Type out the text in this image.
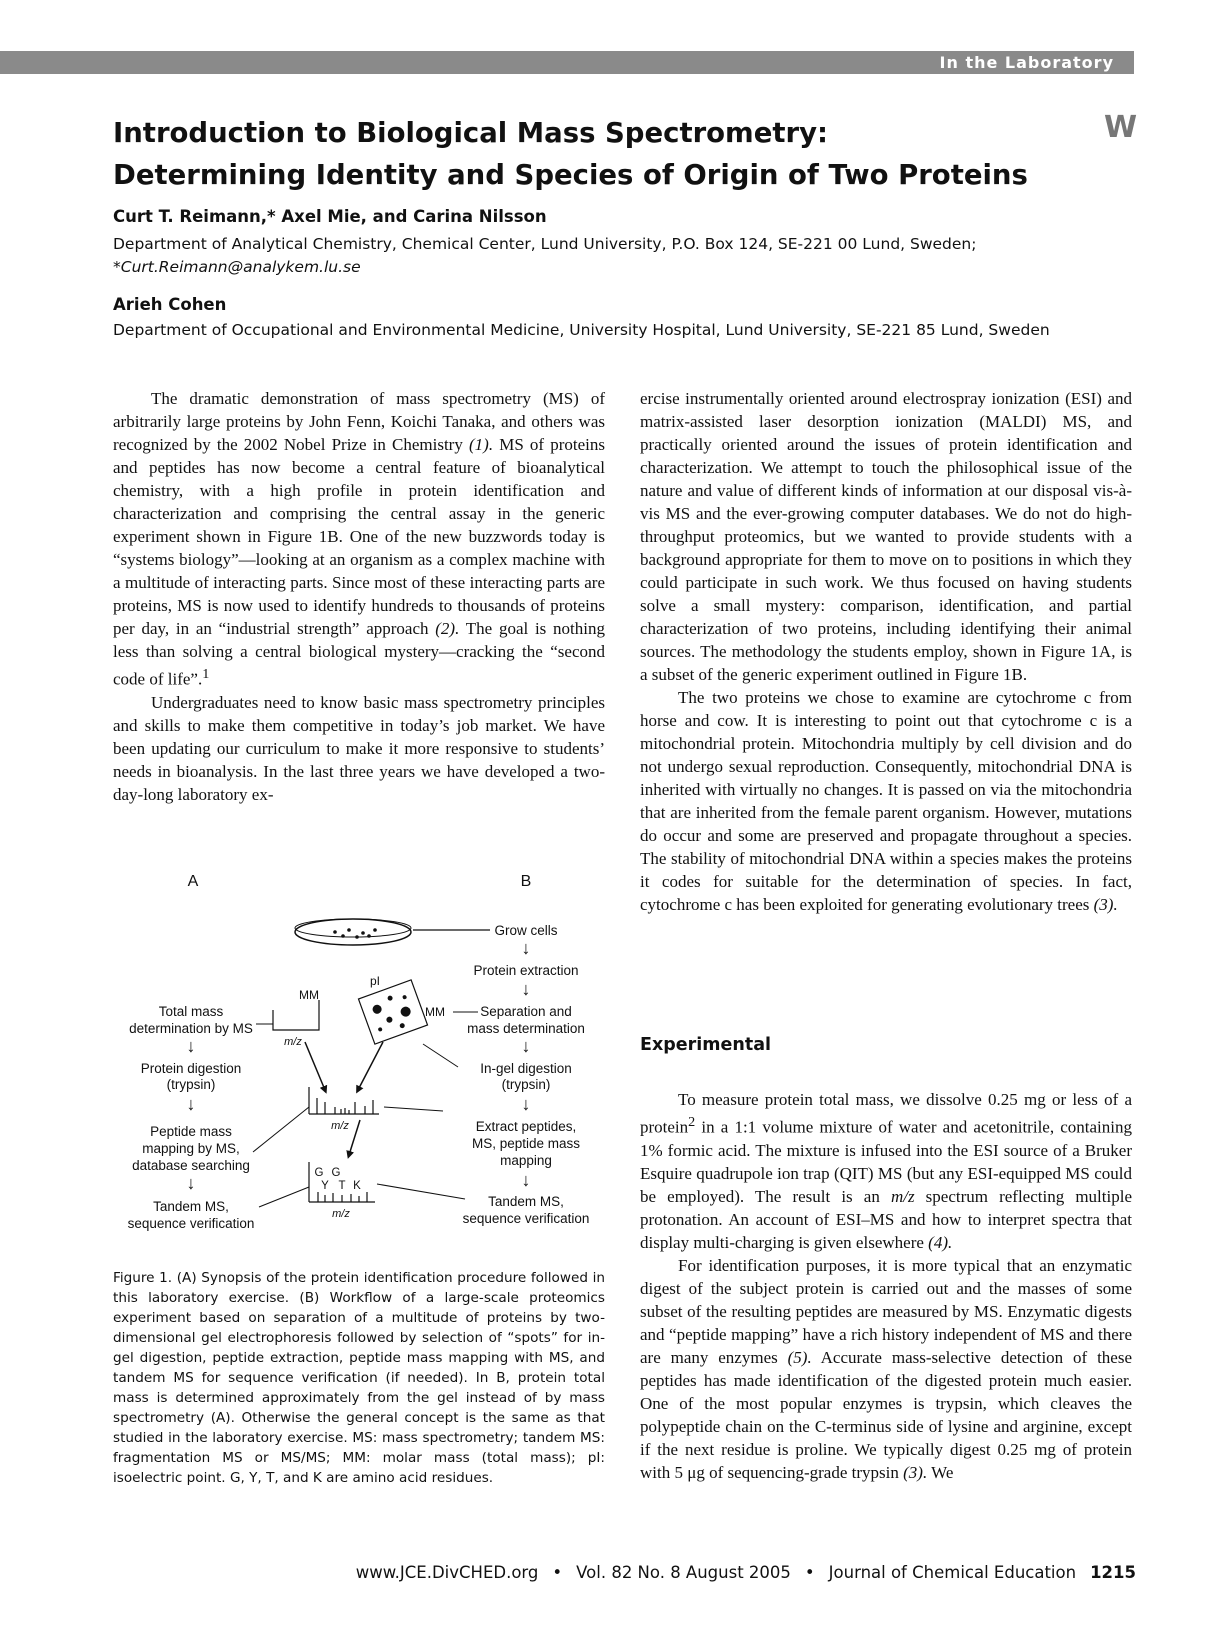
In the Laboratory
Introduction to Biological Mass Spectrometry:
Determining Identity and Species of Origin of Two Proteins
W
Curt T. Reimann,* Axel Mie, and Carina Nilsson
Department of Analytical Chemistry, Chemical Center, Lund University, P.O. Box 124, SE-221 00 Lund, Sweden;
*Curt.Reimann@analykem.lu.se
Arieh Cohen
Department of Occupational and Environmental Medicine, University Hospital, Lund University, SE-221 85 Lund, Sweden

The dramatic demonstration of mass spectrometry (MS) of arbitrarily large proteins by John Fenn, Koichi Tanaka, and others was recognized by the 2002 Nobel Prize in Chemistry (1). MS of proteins and peptides has now become a central feature of bioanalytical chemistry, with a high profile in protein identification and characterization and comprising the central assay in the generic experiment shown in Figure 1B. One of the new buzzwords today is “systems biology”—looking at an organism as a complex machine with a multitude of interacting parts. Since most of these interacting parts are proteins, MS is now used to identify hundreds to thousands of proteins per day, in an “industrial strength” approach (2). The goal is nothing less than solving a central biological mystery—cracking the “second code of life”.$^1$

Undergraduates need to know basic mass spectrometry principles and skills to make them competitive in today’s job market. We have been updating our curriculum to make it more responsive to students’ needs in bioanalysis. In the last three years we have developed a two-day-long laboratory ex-

ercise instrumentally oriented around electrospray ionization (ESI) and matrix-assisted laser desorption ionization (MALDI) MS, and practically oriented around the issues of protein identification and characterization. We attempt to touch the philosophical issue of the nature and value of different kinds of information at our disposal vis-à-vis MS and the ever-growing computer databases. We do not do high-throughput proteomics, but we wanted to provide students with a background appropriate for them to move on to positions in which they could participate in such work. We thus focused on having students solve a small mystery: comparison, identification, and partial characterization of two proteins, including identifying their animal sources. The methodology the students employ, shown in Figure 1A, is a subset of the generic experiment outlined in Figure 1B.

The two proteins we chose to examine are cytochrome c from horse and cow. It is interesting to point out that cytochrome c is a mitochondrial protein. Mitochondria multiply by cell division and do not undergo sexual reproduction. Consequently, mitochondrial DNA is inherited with virtually no changes. It is passed on via the mitochondria that are inherited from the female parent organism. However, mutations do occur and some are preserved and propagate throughout a species. The stability of mitochondrial DNA within a species makes the proteins it codes for suitable for the determination of species. In fact, cytochrome c has been exploited for generating evolutionary trees (3).

Experimental

To measure protein total mass, we dissolve 0.25 mg or less of a protein$^2$ in a 1:1 volume mixture of water and acetonitrile, containing 1% formic acid. The mixture is infused into the ESI source of a Bruker Esquire quadrupole ion trap (QIT) MS (but any ESI-equipped MS could be employed). The result is an m/z spectrum reflecting multiple protonation. An account of ESI–MS and how to interpret spectra that display multi-charging is given elsewhere (4).

For identification purposes, it is more typical that an enzymatic digest of the subject protein is carried out and the masses of some subset of the resulting peptides are measured by MS. Enzymatic digests and “peptide mapping” have a rich history independent of MS and there are many enzymes (5). Accurate mass-selective detection of these peptides has made identification of the digested protein much easier. One of the most popular enzymes is trypsin, which cleaves the polypeptide chain on the C-terminus side of lysine and arginine, except if the next residue is proline. We typically digest 0.25 mg of protein with 5 μg of sequencing-grade trypsin (3). We

A	B
Grow cells
↓
Protein extraction
↓
Separation and
mass determination
↓
In-gel digestion
(trypsin)
↓
Extract peptides,
MS, peptide mass
mapping
↓
Tandem MS,
sequence verification
Total mass
determination by MS
↓
Protein digestion
(trypsin)
↓
Peptide mass
mapping by MS,
database searching
↓
Tandem MS,
sequence verification
MM
m/z
pI
MM
m/z
G G
Y T K
m/z
Figure 1. (A) Synopsis of the protein identification procedure followed in this laboratory exercise. (B) Workflow of a large-scale proteomics experiment based on separation of a multitude of proteins by two-dimensional gel electrophoresis followed by selection of “spots” for in-gel digestion, peptide extraction, peptide mass mapping with MS, and tandem MS for sequence verification (if needed). In B, protein total mass is determined approximately from the gel instead of by mass spectrometry (A). Otherwise the general concept is the same as that studied in the laboratory exercise. MS: mass spectrometry; tandem MS: fragmentation MS or MS/MS; MM: molar mass (total mass); pI: isoelectric point. G, Y, T, and K are amino acid residues.
www.JCE.DivCHED.org • Vol. 82 No. 8 August 2005 • Journal of Chemical Education 1215
